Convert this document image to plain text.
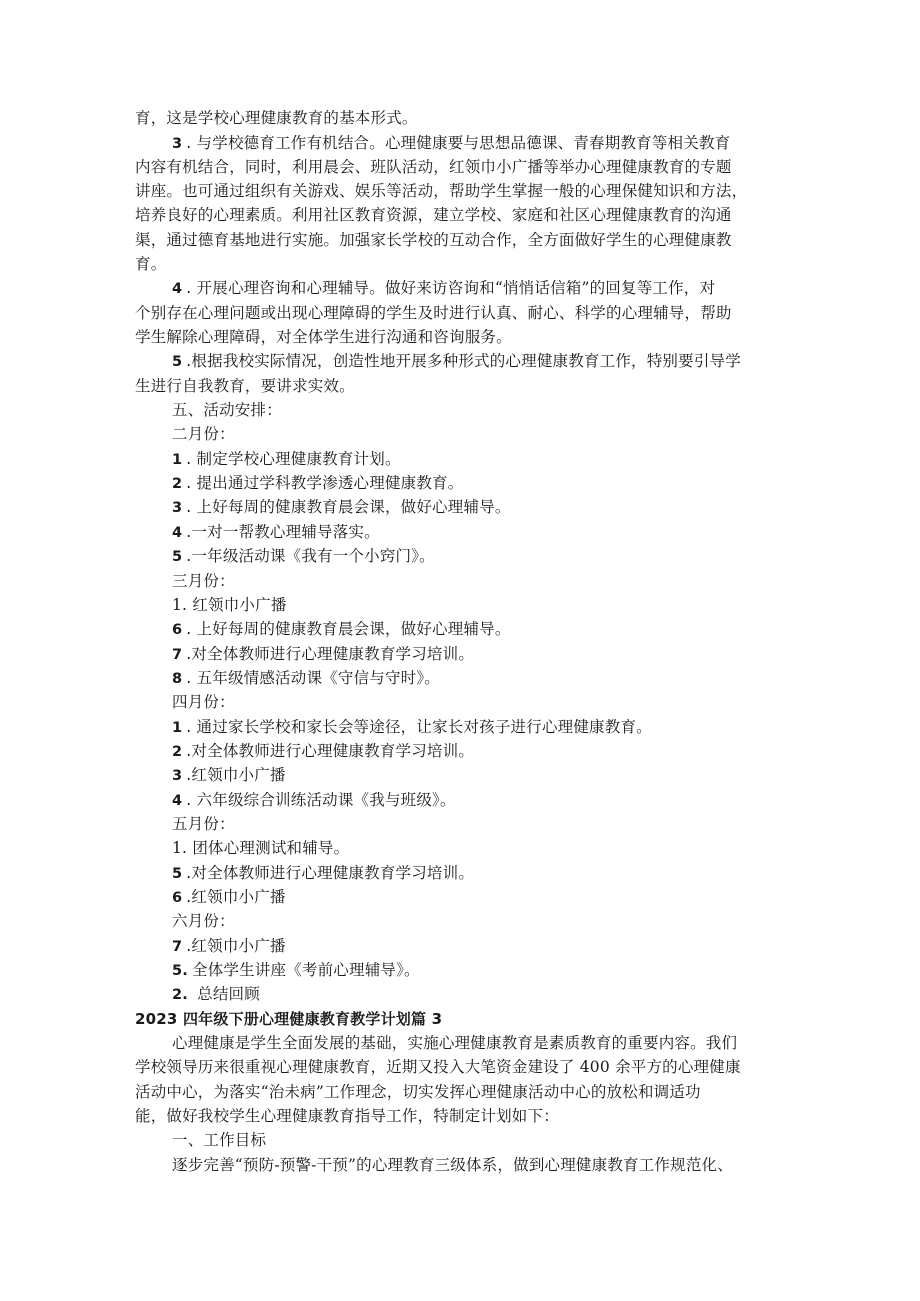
育，这是学校心理健康教育的基本形式。
3 . 与学校德育工作有机结合。心理健康要与思想品德课、青春期教育等相关教育
内容有机结合，同时，利用晨会、班队活动，红领巾小广播等举办心理健康教育的专题
讲座。也可通过组织有关游戏、娱乐等活动，帮助学生掌握一般的心理保健知识和方法，
培养良好的心理素质。利用社区教育资源，建立学校、家庭和社区心理健康教育的沟通
渠，通过德育基地进行实施。加强家长学校的互动合作，全方面做好学生的心理健康教
育。
4 . 开展心理咨询和心理辅导。做好来访咨询和“悄悄话信箱”的回复等工作，对
个别存在心理问题或出现心理障碍的学生及时进行认真、耐心、科学的心理辅导，帮助
学生解除心理障碍，对全体学生进行沟通和咨询服务。
5 .根据我校实际情况，创造性地开展多种形式的心理健康教育工作，特别要引导学
生进行自我教育，要讲求实效。
五、活动安排：
二月份：
1 . 制定学校心理健康教育计划。
2 . 提出通过学科教学渗透心理健康教育。
3 . 上好每周的健康教育晨会课，做好心理辅导。
4 .一对一帮教心理辅导落实。
5 .一年级活动课《我有一个小窍门》。
三月份：
1. 红领巾小广播
6 . 上好每周的健康教育晨会课，做好心理辅导。
7 .对全体教师进行心理健康教育学习培训。
8 . 五年级情感活动课《守信与守时》。
四月份：
1 . 通过家长学校和家长会等途径，让家长对孩子进行心理健康教育。
2 .对全体教师进行心理健康教育学习培训。
3 .红领巾小广播
4 . 六年级综合训练活动课《我与班级》。
五月份：
1. 团体心理测试和辅导。
5 .对全体教师进行心理健康教育学习培训。
6 .红领巾小广播
六月份：
7 .红领巾小广播
5. 全体学生讲座《考前心理辅导》。
2. 总结回顾
2023 四年级下册心理健康教育教学计划篇 3
心理健康是学生全面发展的基础，实施心理健康教育是素质教育的重要内容。我们
学校领导历来很重视心理健康教育，近期又投入大笔资金建设了 400 余平方的心理健康
活动中心，为落实“治未病”工作理念，切实发挥心理健康活动中心的放松和调适功
能，做好我校学生心理健康教育指导工作，特制定计划如下：
一、工作目标
逐步完善“预防-预警-干预”的心理教育三级体系，做到心理健康教育工作规范化、
